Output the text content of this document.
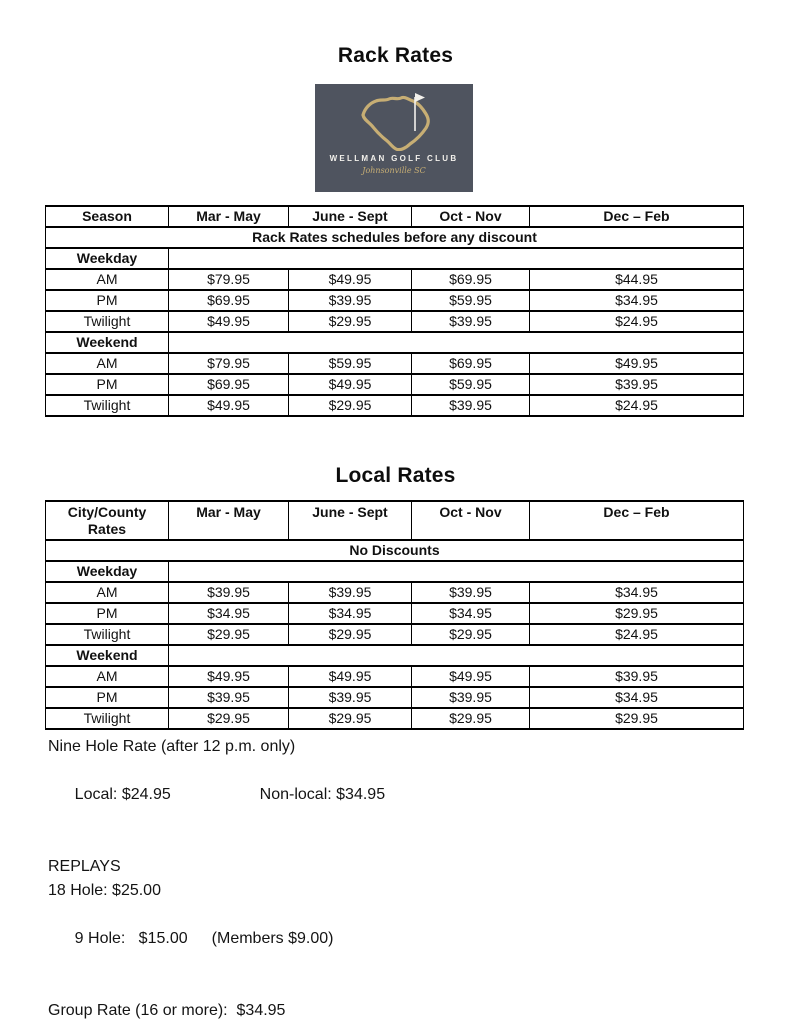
Rack Rates
WELLMAN GOLF CLUB
Johnsonville SC
Season	Mar - May	June - Sept	Oct - Nov	Dec – Feb
Rack Rates schedules before any discount				
Weekday				
AM	$79.95	$49.95	$69.95	$44.95
PM	$69.95	$39.95	$59.95	$34.95
Twilight	$49.95	$29.95	$39.95	$24.95
Weekend				
AM	$79.95	$59.95	$69.95	$49.95
PM	$69.95	$49.95	$59.95	$39.95
Twilight	$49.95	$29.95	$39.95	$24.95
Local Rates
City/County Rates	Mar - May	June - Sept	Oct - Nov	Dec – Feb
No Discounts				
Weekday				
AM	$39.95	$39.95	$39.95	$34.95
PM	$34.95	$34.95	$34.95	$29.95
Twilight	$29.95	$29.95	$29.95	$24.95
Weekend				
AM	$49.95	$49.95	$49.95	$39.95
PM	$39.95	$39.95	$39.95	$34.95
Twilight	$29.95	$29.95	$29.95	$29.95
Nine Hole Rate (after 12 p.m. only)

Local: $24.95	Non-local: $34.95

REPLAYS
18 Hole: $25.00

9 Hole: $15.00 (Members $9.00)

Group Rate (16 or more):  $34.95
